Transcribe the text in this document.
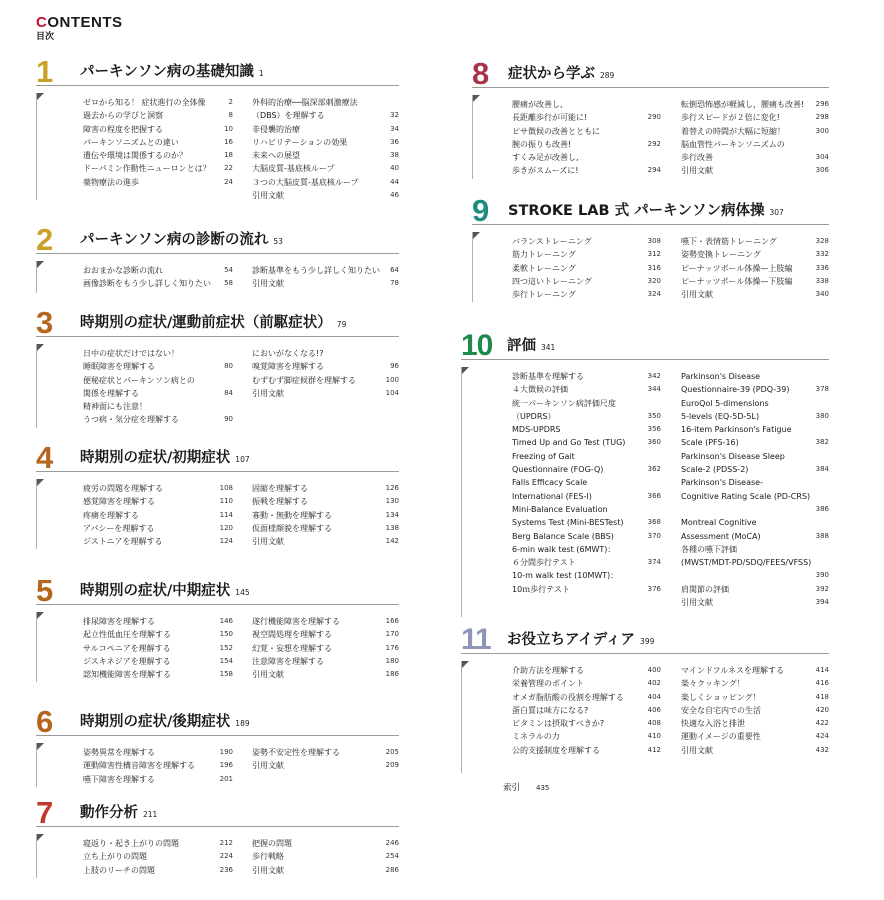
CONTENTS
目次
1 パーキンソン病の基礎知識 1
ゼロから知る！ 症状進行の全体像	2
過去からの学びと洞察	8
障害の程度を把握する	10
パーキンソニズムとの違い	16
遺伝や環境は関係するのか？	18
ドーパミン作動性ニューロンとは？ 22
薬物療法の進歩	24
外科的治療──脳深部刺激療法
（DBS）を理解する	32
非侵襲的治療	34
リハビリテーションの効果	36
未来への展望	38
大脳皮質-基底核ループ	40
３つの大脳皮質-基底核ループ	44
引用文献	46
2 パーキンソン病の診断の流れ 53
おおまかな診断の流れ	54
画像診断をもう少し詳しく知りたい 58
診断基準をもう少し詳しく知りたい 64
引用文献	78
3 時期別の症状/運動前症状（前駆症状） 79
日中の症状だけではない！
睡眠障害を理解する	80
便秘症状とパーキンソン病との
関係を理解する	84
精神面にも注意！
うつ病・気分症を理解する	90
においがなくなる!?
嗅覚障害を理解する	96
むずむず脚症候群を理解する	100
引用文献	104
4 時期別の症状/初期症状 107
疲労の問題を理解する	108
感覚障害を理解する	110
疼痛を理解する	114
アパシーを理解する	120
ジストニアを理解する	124
固縮を理解する	126
振戦を理解する	130
寡動・無動を理解する	134
仮面様顔貌を理解する	138
引用文献	142
5 時期別の症状/中期症状 145
排尿障害を理解する	146
起立性低血圧を理解する	150
サルコペニアを理解する	152
ジスキネジアを理解する	154
認知機能障害を理解する	158
遂行機能障害を理解する	166
視空間処理を理解する	170
幻覚・妄想を理解する	176
注意障害を理解する	180
引用文献	186
6 時期別の症状/後期症状 189
姿勢異常を理解する	190
運動障害性構音障害を理解する	196
嚥下障害を理解する	201
姿勢不安定性を理解する	205
引用文献	209
7 動作分析 211
寝返り・起き上がりの問題	212
立ち上がりの問題	224
上肢のリーチの問題	236
把握の問題	246
歩行戦略	254
引用文献	286
8 症状から学ぶ 289
腰痛が改善し,
長距離歩行が可能に!	290
ピサ徴候の改善とともに
腕の振りも改善!	292
すくみ足が改善し,
歩きがスムーズに!	294
転倒恐怖感が軽減し，腰痛も改善! 296
歩行スピードが２倍に変化!	298
着替えの時間が大幅に短縮！	300
脳血管性パーキンソニズムの
歩行改善	304
引用文献	306
9 STROKE LAB 式 パーキンソン病体操 307
バランストレーニング	308
筋力トレーニング	312
柔軟トレーニング	316
四つ這いトレーニング	320
歩行トレーニング	324
嚥下・表情筋トレーニング	328
姿勢変換トレーニング	332
ピーナッツボール体操—上肢編	336
ピーナッツボール体操—下肢編	338
引用文献	340
10 評価 341
診断基準を理解する	342
４大徴候の評価	344
統一パーキンソン病評価尺度
（UPDRS）	350
MDS-UPDRS	356
Timed Up and Go Test (TUG)	360
Freezing of Gait
Questionnaire (FOG-Q)	362
Falls Efficacy Scale
International (FES-I)	366
Mini-Balance Evaluation
Systems Test (Mini-BESTest)	368
Berg Balance Scale (BBS)	370
6-min walk test (6MWT)：
６分間歩行テスト	374
10-m walk test (10MWT)：
10ｍ歩行テスト	376
Parkinson's Disease
Questionnaire-39 (PDQ-39)	378
EuroQol 5-dimensions
5-levels (EQ-5D-5L)	380
16-item Parkinson's Fatigue
Scale (PFS-16)	382
Parkinson's Disease Sleep
Scale-2 (PDSS-2)	384
Parkinson's Disease-
Cognitive Rating Scale (PD-CRS)
386
Montreal Cognitive
Assessment (MoCA)	388
各種の嚥下評価
(MWST/MDT-PD/SDQ/FEES/VFSS)
390
肩関節の評価	392
引用文献	394
11 お役立ちアイディア 399
介助方法を理解する	400
栄養管理のポイント	402
オメガ脂肪酸の役割を理解する	404
蛋白質は味方になる?	406
ビタミンは摂取すべきか?	408
ミネラルの力	410
公的支援制度を理解する	412
マインドフルネスを理解する	414
楽々クッキング！	416
楽しくショッピング！	418
安全な自宅内での生活	420
快適な入浴と排泄	422
運動イメージの重要性	424
引用文献	432
索引 435
